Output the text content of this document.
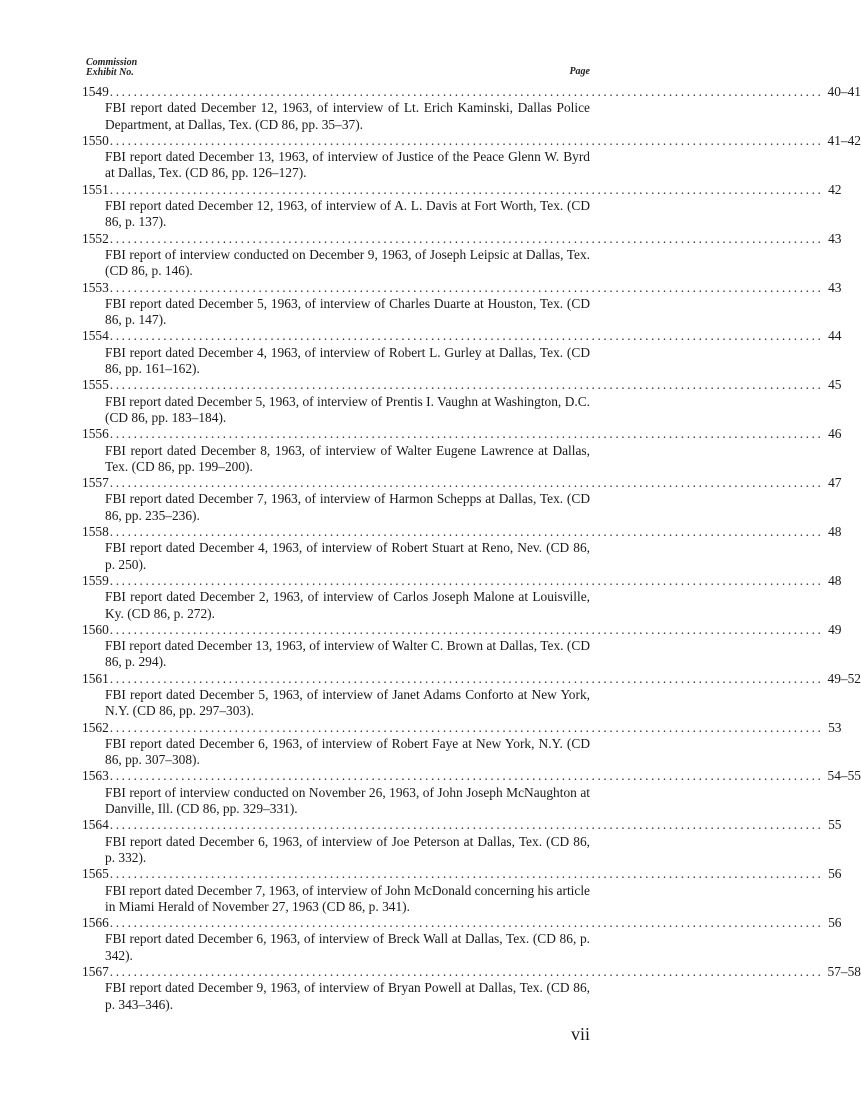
Commission
Exhibit No.	Page
1549 ........................................................................................................................ 40–41
FBI report dated December 12, 1963, of interview of Lt. Erich Kaminski, Dallas Police Department, at Dallas, Tex. (CD 86, pp. 35–37).
1550 ........................................................................................................................ 41–42
FBI report dated December 13, 1963, of interview of Justice of the Peace Glenn W. Byrd at Dallas, Tex. (CD 86, pp. 126–127).
1551 ........................................................................................................................ 42
FBI report dated December 12, 1963, of interview of A. L. Davis at Fort Worth, Tex. (CD 86, p. 137).
1552 ........................................................................................................................ 43
FBI report of interview conducted on December 9, 1963, of Joseph Leipsic at Dallas, Tex. (CD 86, p. 146).
1553 ........................................................................................................................ 43
FBI report dated December 5, 1963, of interview of Charles Duarte at Houston, Tex. (CD 86, p. 147).
1554 ........................................................................................................................ 44
FBI report dated December 4, 1963, of interview of Robert L. Gurley at Dallas, Tex. (CD 86, pp. 161–162).
1555 ........................................................................................................................ 45
FBI report dated December 5, 1963, of interview of Prentis I. Vaughn at Washington, D.C. (CD 86, pp. 183–184).
1556 ........................................................................................................................ 46
FBI report dated December 8, 1963, of interview of Walter Eugene Lawrence at Dallas, Tex. (CD 86, pp. 199–200).
1557 ........................................................................................................................ 47
FBI report dated December 7, 1963, of interview of Harmon Schepps at Dallas, Tex. (CD 86, pp. 235–236).
1558 ........................................................................................................................ 48
FBI report dated December 4, 1963, of interview of Robert Stuart at Reno, Nev. (CD 86, p. 250).
1559 ........................................................................................................................ 48
FBI report dated December 2, 1963, of interview of Carlos Joseph Malone at Louisville, Ky. (CD 86, p. 272).
1560 ........................................................................................................................ 49
FBI report dated December 13, 1963, of interview of Walter C. Brown at Dallas, Tex. (CD 86, p. 294).
1561 ........................................................................................................................ 49–52
FBI report dated December 5, 1963, of interview of Janet Adams Conforto at New York, N.Y. (CD 86, pp. 297–303).
1562 ........................................................................................................................ 53
FBI report dated December 6, 1963, of interview of Robert Faye at New York, N.Y. (CD 86, pp. 307–308).
1563 ........................................................................................................................ 54–55
FBI report of interview conducted on November 26, 1963, of John Joseph McNaughton at Danville, Ill. (CD 86, pp. 329–331).
1564 ........................................................................................................................ 55
FBI report dated December 6, 1963, of interview of Joe Peterson at Dallas, Tex. (CD 86, p. 332).
1565 ........................................................................................................................ 56
FBI report dated December 7, 1963, of interview of John McDonald concerning his article in Miami Herald of November 27, 1963 (CD 86, p. 341).
1566 ........................................................................................................................ 56
FBI report dated December 6, 1963, of interview of Breck Wall at Dallas, Tex. (CD 86, p. 342).
1567 ........................................................................................................................ 57–58
FBI report dated December 9, 1963, of interview of Bryan Powell at Dallas, Tex. (CD 86, p. 343–346).
vii
